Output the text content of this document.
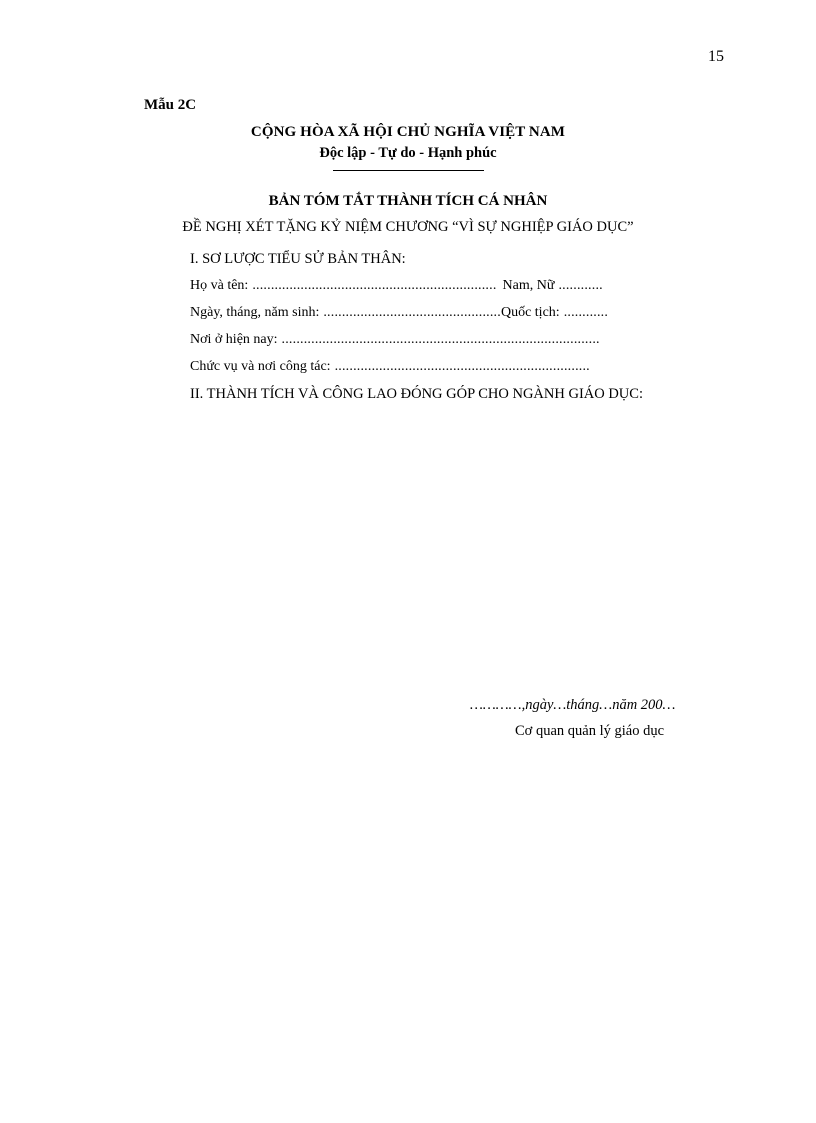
15
Mẫu 2C
CỘNG HÒA XÃ HỘI CHỦ NGHĨA VIỆT NAM
Độc lập - Tự do - Hạnh phúc
BẢN TÓM TẮT THÀNH TÍCH CÁ NHÂN
ĐỀ NGHỊ XÉT TẶNG KỶ NIỆM CHƯƠNG “VÌ SỰ NGHIỆP GIÁO DỤC”
I. SƠ LƯỢC TIỂU SỬ BẢN THÂN:
Họ và tên: .................................................................. Nam, Nữ ............
Ngày, tháng, năm sinh: ................................................ Quốc tịch: ............
Nơi ở hiện nay: ......................................................................................
Chức vụ và nơi công tác: .....................................................................
II. THÀNH TÍCH VÀ CÔNG LAO ĐÓNG GÓP CHO NGÀNH GIÁO DỤC:
…………,ngày…tháng…năm 200…
Cơ quan quản lý giáo dục
